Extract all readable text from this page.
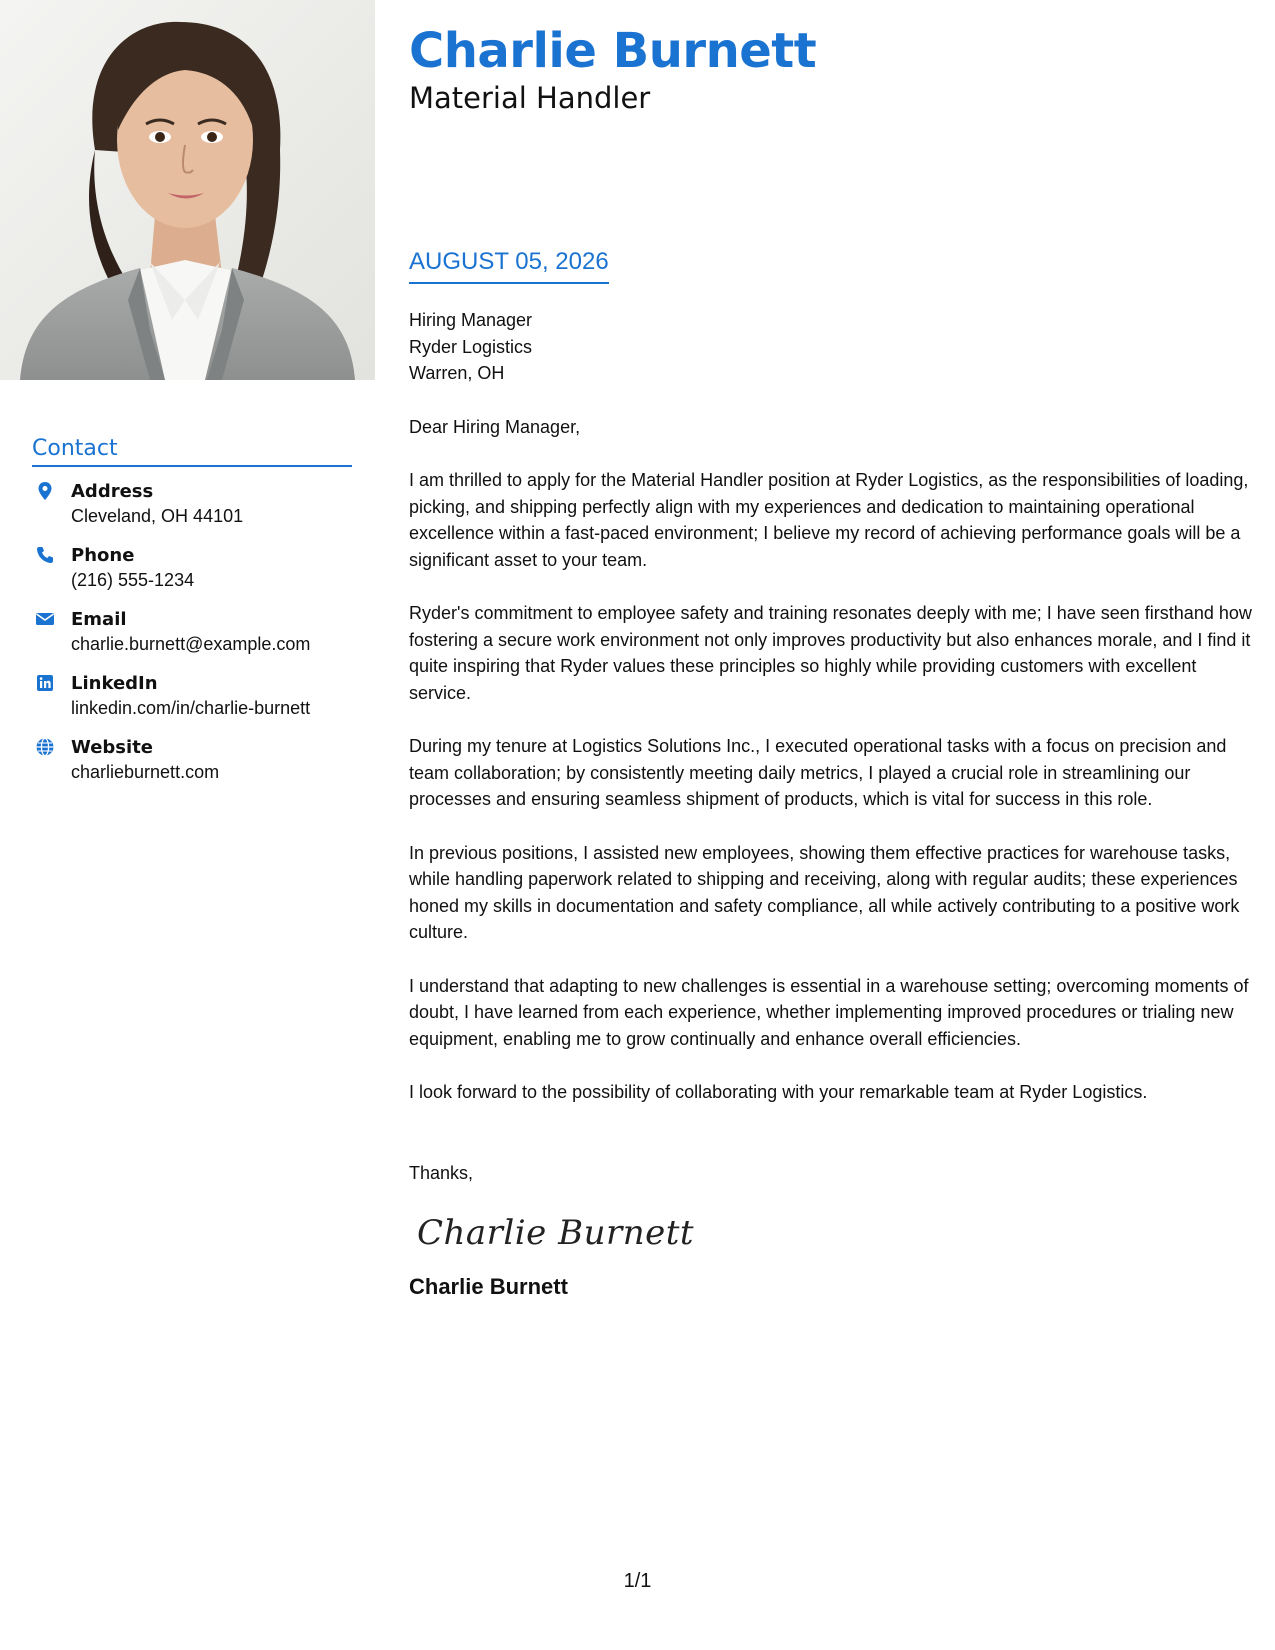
Contact
Address
Cleveland, OH 44101
Phone
(216) 555-1234
Email
charlie.burnett@example.com
LinkedIn
linkedin.com/in/charlie-burnett
Website
charlieburnett.com
Charlie Burnett
Material Handler
AUGUST 05, 2026
Hiring Manager
Ryder Logistics
Warren, OH
Dear Hiring Manager,
I am thrilled to apply for the Material Handler position at Ryder Logistics, as the responsibilities of loading, picking, and shipping perfectly align with my experiences and dedication to maintaining operational excellence within a fast-paced environment; I believe my record of achieving performance goals will be a significant asset to your team.
Ryder's commitment to employee safety and training resonates deeply with me; I have seen firsthand how fostering a secure work environment not only improves productivity but also enhances morale, and I find it quite inspiring that Ryder values these principles so highly while providing customers with excellent service.
During my tenure at Logistics Solutions Inc., I executed operational tasks with a focus on precision and team collaboration; by consistently meeting daily metrics, I played a crucial role in streamlining our processes and ensuring seamless shipment of products, which is vital for success in this role.
In previous positions, I assisted new employees, showing them effective practices for warehouse tasks, while handling paperwork related to shipping and receiving, along with regular audits; these experiences honed my skills in documentation and safety compliance, all while actively contributing to a positive work culture.
I understand that adapting to new challenges is essential in a warehouse setting; overcoming moments of doubt, I have learned from each experience, whether implementing improved procedures or trialing new equipment, enabling me to grow continually and enhance overall efficiencies.
I look forward to the possibility of collaborating with your remarkable team at Ryder Logistics.
Thanks,
Charlie Burnett
Charlie Burnett
1/1
